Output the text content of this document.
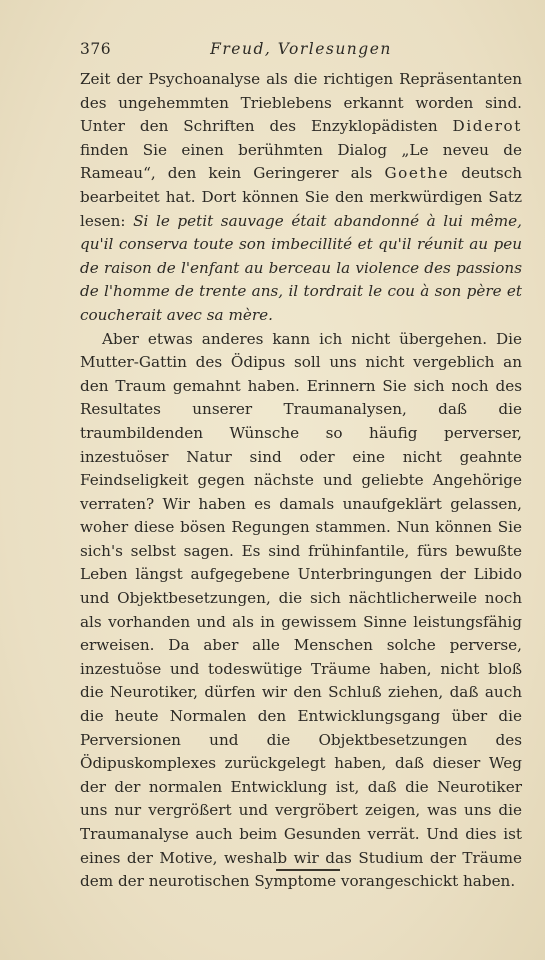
376	Freud, Vorlesungen

Zeit der Psychoanalyse als die richtigen Repräsentanten des ungehemmten Trieblebens erkannt worden sind. Unter den Schriften des Enzyklopädisten Diderot finden Sie einen berühmten Dialog „Le neveu de Rameau“, den kein Geringerer als Goethe deutsch bearbeitet hat. Dort können Sie den merkwürdigen Satz lesen: Si le petit sauvage était abandonné à lui même, qu'il conserva toute son imbecillité et qu'il réunit au peu de raison de l'enfant au berceau la violence des passions de l'homme de trente ans, il tordrait le cou à son père et coucherait avec sa mère.

Aber etwas anderes kann ich nicht übergehen. Die Mutter-Gattin des Ödipus soll uns nicht vergeblich an den Traum gemahnt haben. Erinnern Sie sich noch des Resultates unserer Traumanalysen, daß die traumbildenden Wünsche so häufig perverser, inzestuöser Natur sind oder eine nicht geahnte Feindseligkeit gegen nächste und geliebte Angehörige verraten? Wir haben es damals unaufgeklärt gelassen, woher diese bösen Regungen stammen. Nun können Sie sich's selbst sagen. Es sind frühinfantile, fürs bewußte Leben längst aufgegebene Unterbringungen der Libido und Objektbesetzungen, die sich nächtlicherweile noch als vorhanden und als in gewissem Sinne leistungsfähig erweisen. Da aber alle Menschen solche perverse, inzestuöse und todeswütige Träume haben, nicht bloß die Neurotiker, dürfen wir den Schluß ziehen, daß auch die heute Normalen den Entwicklungsgang über die Perversionen und die Objektbesetzungen des Ödipuskomplexes zurückgelegt haben, daß dieser Weg der der normalen Entwicklung ist, daß die Neurotiker uns nur vergrößert und vergröbert zeigen, was uns die Traumanalyse auch beim Gesunden verrät. Und dies ist eines der Motive, weshalb wir das Studium der Träume dem der neurotischen Symptome vorangeschickt haben.
